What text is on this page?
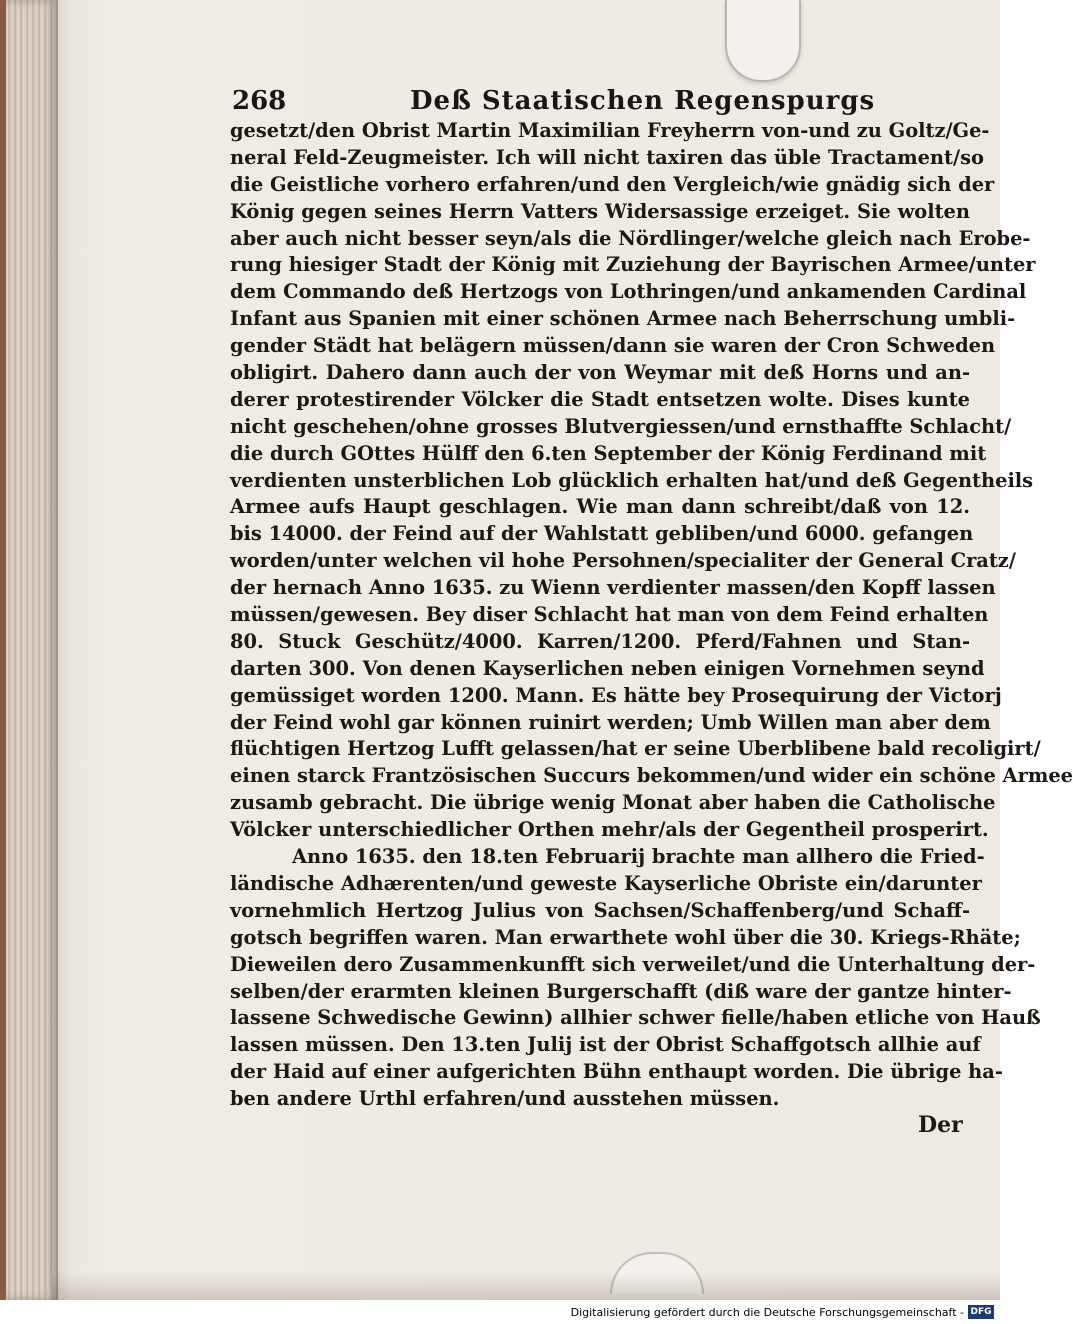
268	Deß Staatischen Regenspurgs
gesetzt/den Obrist Martin Maximilian Freyherrn von-und zu Goltz/Ge-
neral Feld-Zeugmeister. Ich will nicht taxiren das üble Tractament/so
die Geistliche vorhero erfahren/und den Vergleich/wie gnädig sich der
König gegen seines Herrn Vatters Widersassige erzeiget. Sie wolten
aber auch nicht besser seyn/als die Nördlinger/welche gleich nach Erobe-
rung hiesiger Stadt der König mit Zuziehung der Bayrischen Armee/unter
dem Commando deß Hertzogs von Lothringen/und ankamenden Cardinal
Infant aus Spanien mit einer schönen Armee nach Beherrschung umbli-
gender Städt hat belägern müssen/dann sie waren der Cron Schweden
obligirt. Dahero dann auch der von Weymar mit deß Horns und an-
derer protestirender Völcker die Stadt entsetzen wolte. Dises kunte
nicht geschehen/ohne grosses Blutvergiessen/und ernsthaffte Schlacht/
die durch GOttes Hülff den 6.ten September der König Ferdinand mit
verdienten unsterblichen Lob glücklich erhalten hat/und deß Gegentheils
Armee aufs Haupt geschlagen. Wie man dann schreibt/daß von 12.
bis 14000. der Feind auf der Wahlstatt gebliben/und 6000. gefangen
worden/unter welchen vil hohe Persohnen/specialiter der General Cratz/
der hernach Anno 1635. zu Wienn verdienter massen/den Kopff lassen
müssen/gewesen. Bey diser Schlacht hat man von dem Feind erhalten
80. Stuck Geschütz/4000. Karren/1200. Pferd/Fahnen und Stan-
darten 300. Von denen Kayserlichen neben einigen Vornehmen seynd
gemüssiget worden 1200. Mann. Es hätte bey Prosequirung der Victorj
der Feind wohl gar können ruinirt werden; Umb Willen man aber dem
flüchtigen Hertzog Lufft gelassen/hat er seine Uberblibene bald recoligirt/
einen starck Frantzösischen Succurs bekommen/und wider ein schöne Armee
zusamb gebracht. Die übrige wenig Monat aber haben die Catholische
Völcker unterschiedlicher Orthen mehr/als der Gegentheil prosperirt.
Anno 1635. den 18.ten Februarij brachte man allhero die Fried-
ländische Adhærenten/und geweste Kayserliche Obriste ein/darunter
vornehmlich Hertzog Julius von Sachsen/Schaffenberg/und Schaff-
gotsch begriffen waren. Man erwarthete wohl über die 30. Kriegs-Rhäte;
Dieweilen dero Zusammenkunfft sich verweilet/und die Unterhaltung der-
selben/der erarmten kleinen Burgerschafft (diß ware der gantze hinter-
lassene Schwedische Gewinn) allhier schwer fielle/haben etliche von Hauß
lassen müssen. Den 13.ten Julij ist der Obrist Schaffgotsch allhie auf
der Haid auf einer aufgerichten Bühn enthaupt worden. Die übrige ha-
ben andere Urthl erfahren/und ausstehen müssen.
Der
Digitalisierung gefördert durch die Deutsche Forschungsgemeinschaft - DFG
